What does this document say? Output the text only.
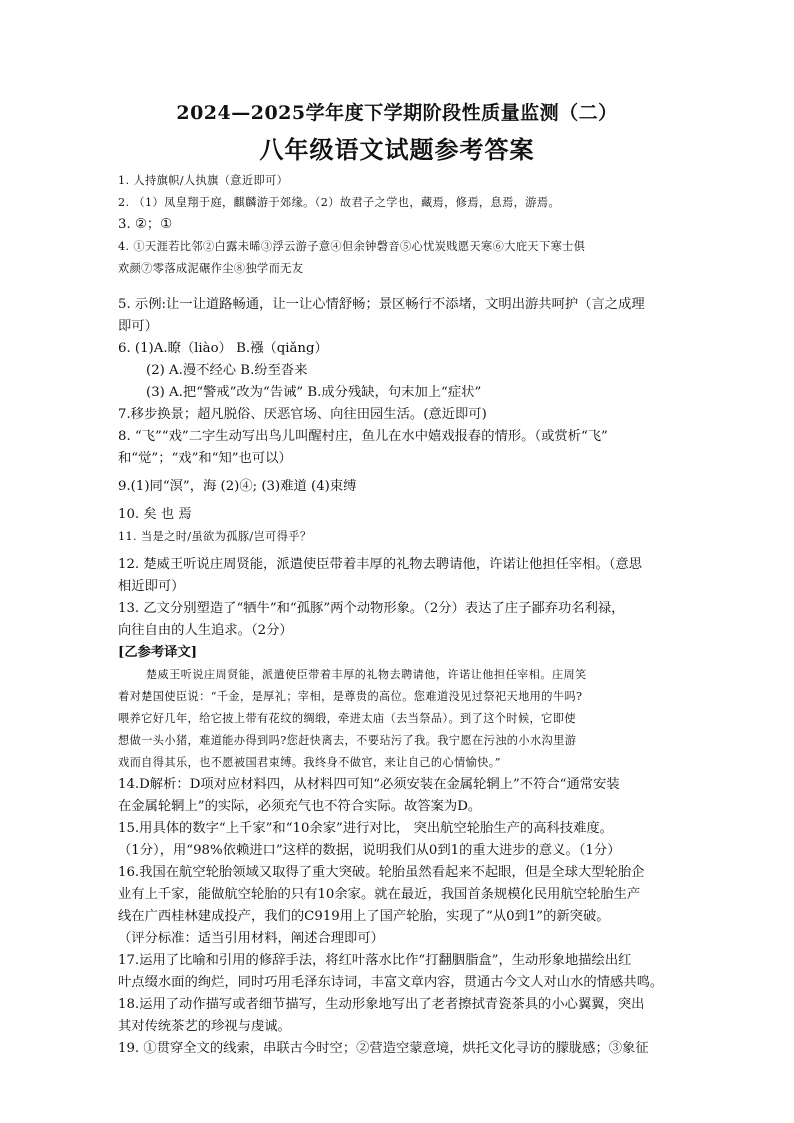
2024—2025学年度下学期阶段性质量监测（二）
八年级语文试题参考答案

1. 人持旗帜/人执旗（意近即可）

2. （1）凤皇翔于庭，麒麟游于郊缘。（2）故君子之学也，藏焉，修焉，息焉，游焉。

3. ②；①

4. ①天涯若比邻②白露未晞③浮云游子意④但余钟磬音⑤心忧炭贱愿天寒⑥大庇天下寒士俱

欢颜⑦零落成泥碾作尘⑧独学而无友

5. 示例:让一让道路畅通，让一让心情舒畅；景区畅行不添堵，文明出游共呵护（言之成理

即可）

6. (1)A.瞭（liào） B.襁（qiǎng）

(2) A.漫不经心 B.纷至沓来

(3) A.把“警戒”改为“告诫” B.成分残缺，句末加上“症状”

7.移步换景；超凡脱俗、厌恶官场、向往田园生活。(意近即可)

8. “飞”“戏”二字生动写出鸟儿叫醒村庄，鱼儿在水中嬉戏报春的情形。（或赏析“飞”

和“觉”；“戏”和“知”也可以）

9.(1)同“溟”，海 (2)④; (3)难道 (4)束缚

10. 矣 也 焉

11. 当是之时/虽欲为孤豚/岂可得乎？

12. 楚威王听说庄周贤能，派遣使臣带着丰厚的礼物去聘请他，许诺让他担任宰相。（意思

相近即可）

13. 乙文分别塑造了“牺牛”和“孤豚”两个动物形象。（2分）表达了庄子鄙弃功名利禄，

向往自由的人生追求。（2分）

[乙参考译文]

楚威王听说庄周贤能，派遣使臣带着丰厚的礼物去聘请他，许诺让他担任宰相。庄周笑

着对楚国使臣说：“千金，是厚礼；宰相，是尊贵的高位。您难道没见过祭祀天地用的牛吗?

喂养它好几年，给它披上带有花纹的绸缎，牵进太庙（去当祭品）。到了这个时候，它即使

想做一头小猪，难道能办得到吗?您赶快离去，不要玷污了我。我宁愿在污浊的小水沟里游

戏而自得其乐，也不愿被国君束缚。我终身不做官，来让自己的心情愉快。”

14.D解析：D项对应材料四，从材料四可知“必须安装在金属轮辋上”不符合“通常安装

在金属轮辋上”的实际，必须充气也不符合实际。故答案为D。

15.用具体的数字“上千家”和“10余家”进行对比， 突出航空轮胎生产的高科技难度。

（1分），用“98%依赖进口”这样的数据，说明我们从0到1的重大进步的意义。（1分）

16.我国在航空轮胎领域又取得了重大突破。轮胎虽然看起来不起眼，但是全球大型轮胎企

业有上千家，能做航空轮胎的只有10余家。就在最近，我国首条规模化民用航空轮胎生产

线在广西桂林建成投产，我们的C919用上了国产轮胎，实现了“从0到1”的新突破。

（评分标准：适当引用材料，阐述合理即可）

17.运用了比喻和引用的修辞手法，将红叶落水比作“打翻胭脂盒”，生动形象地描绘出红

叶点缀水面的绚烂，同时巧用毛泽东诗词，丰富文章内容，贯通古今文人对山水的情感共鸣。

18.运用了动作描写或者细节描写，生动形象地写出了老者擦拭青瓷茶具的小心翼翼，突出

其对传统茶艺的珍视与虔诚。

19. ①贯穿全文的线索，串联古今时空；②营造空蒙意境，烘托文化寻访的朦胧感；③象征
